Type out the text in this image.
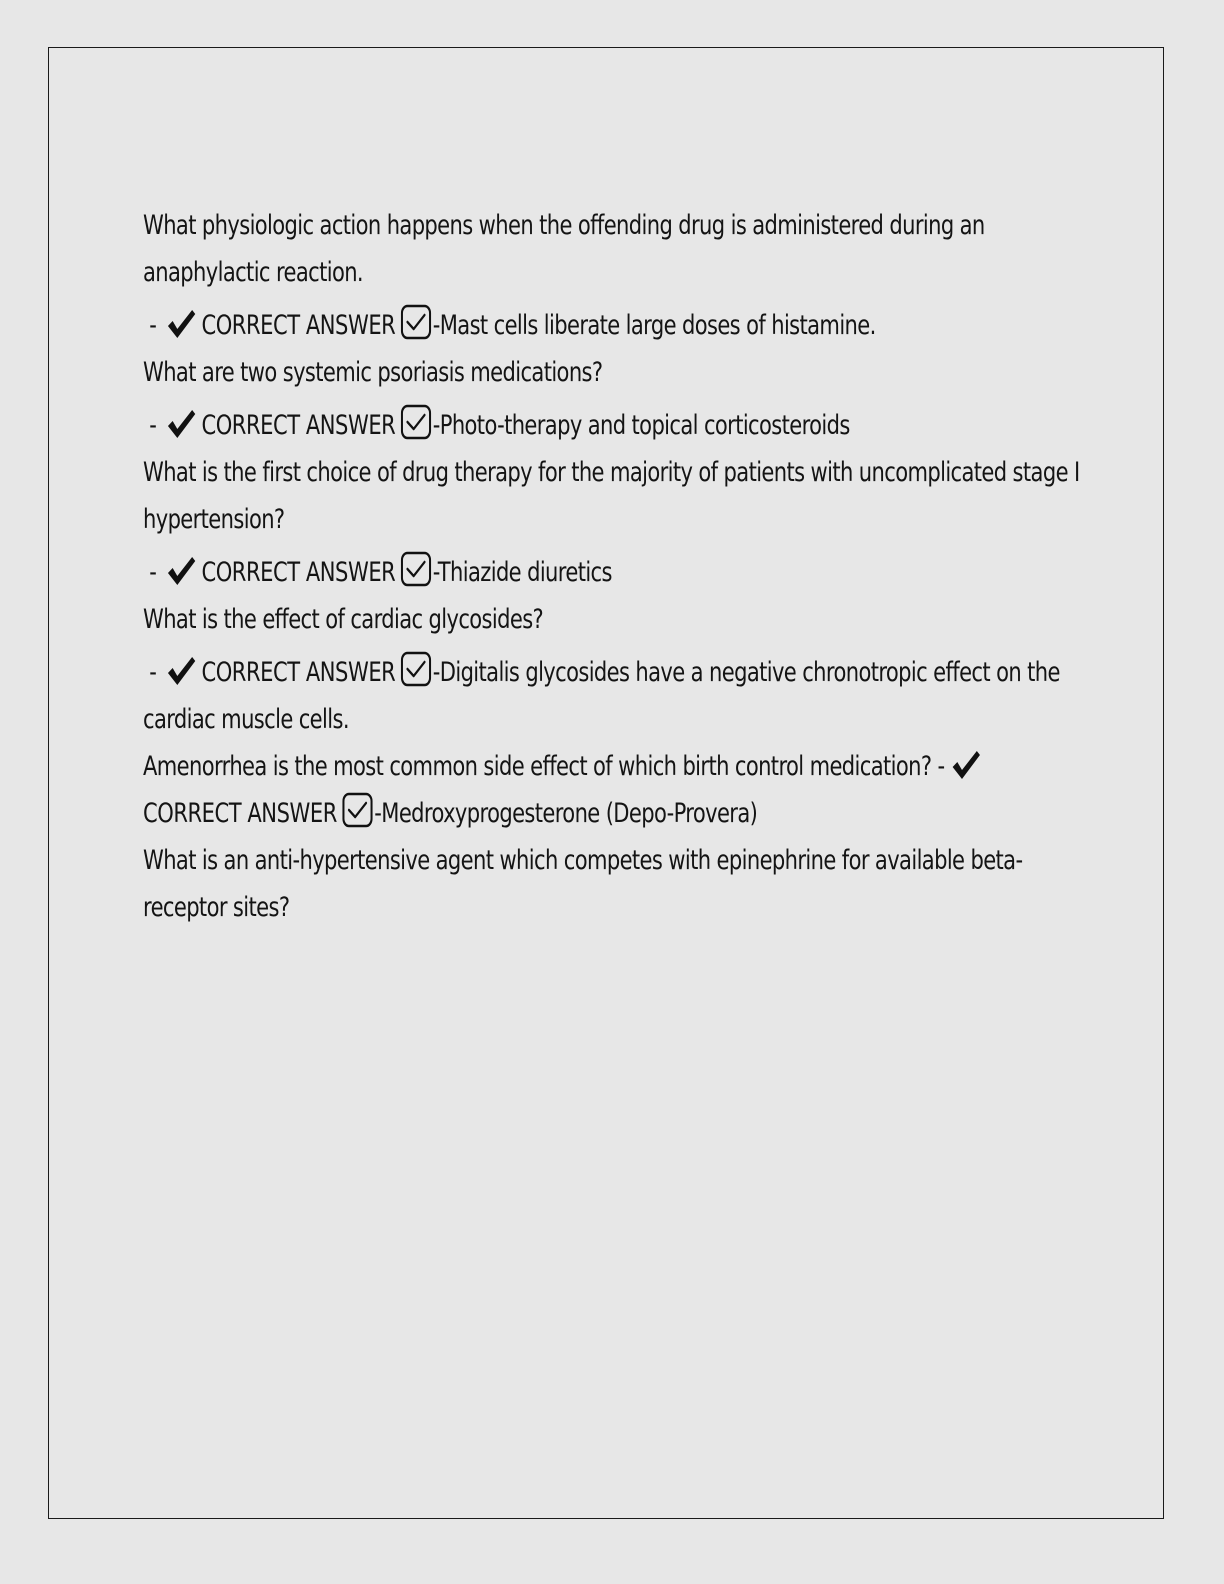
What physiologic action happens when the offending drug is administered during an anaphylactic reaction.
- CORRECT ANSWER -Mast cells liberate large doses of histamine.
What are two systemic psoriasis medications?
- CORRECT ANSWER -Photo-therapy and topical corticosteroids
What is the first choice of drug therapy for the majority of patients with uncomplicated stage I hypertension?
- CORRECT ANSWER -Thiazide diuretics
What is the effect of cardiac glycosides?
- CORRECT ANSWER -Digitalis glycosides have a negative chronotropic effect on the cardiac muscle cells.
Amenorrhea is the most common side effect of which birth control medication? - CORRECT ANSWER -Medroxyprogesterone (Depo-Provera)
What is an anti-hypertensive agent which competes with epinephrine for available beta-receptor sites?
